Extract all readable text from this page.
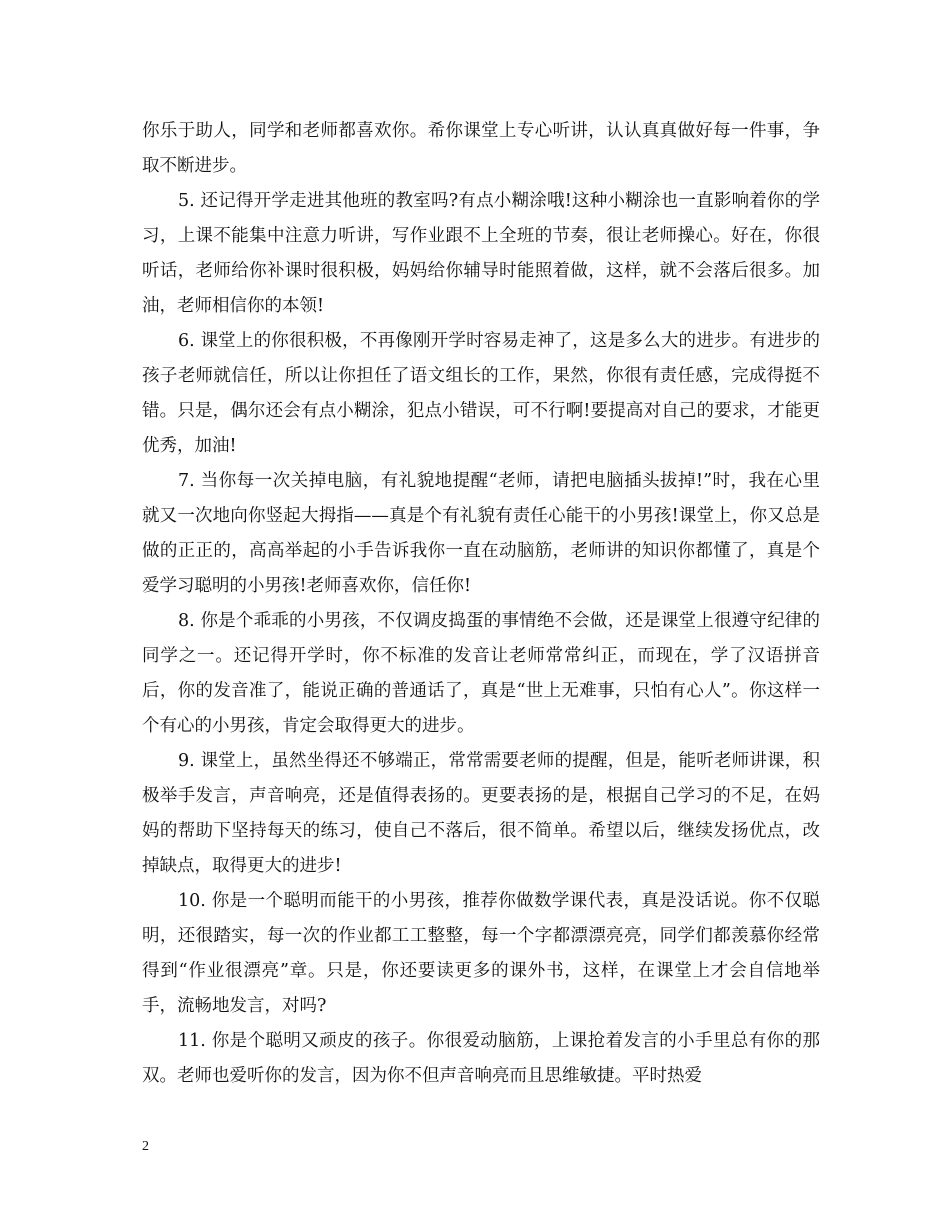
你乐于助人，同学和老师都喜欢你。希你课堂上专心听讲，认认真真做好每一件事，争取不断进步。

5. 还记得开学走进其他班的教室吗?有点小糊涂哦!这种小糊涂也一直影响着你的学习，上课不能集中注意力听讲，写作业跟不上全班的节奏，很让老师操心。好在，你很听话，老师给你补课时很积极，妈妈给你辅导时能照着做，这样，就不会落后很多。加油，老师相信你的本领!

6. 课堂上的你很积极，不再像刚开学时容易走神了，这是多么大的进步。有进步的孩子老师就信任，所以让你担任了语文组长的工作，果然，你很有责任感，完成得挺不错。只是，偶尔还会有点小糊涂，犯点小错误，可不行啊!要提高对自己的要求，才能更优秀，加油!

7. 当你每一次关掉电脑，有礼貌地提醒“老师，请把电脑插头拔掉!”时，我在心里就又一次地向你竖起大拇指——真是个有礼貌有责任心能干的小男孩!课堂上，你又总是做的正正的，高高举起的小手告诉我你一直在动脑筋，老师讲的知识你都懂了，真是个爱学习聪明的小男孩!老师喜欢你，信任你!

8. 你是个乖乖的小男孩，不仅调皮捣蛋的事情绝不会做，还是课堂上很遵守纪律的同学之一。还记得开学时，你不标准的发音让老师常常纠正，而现在，学了汉语拼音后，你的发音准了，能说正确的普通话了，真是“世上无难事，只怕有心人”。你这样一个有心的小男孩，肯定会取得更大的进步。

9. 课堂上，虽然坐得还不够端正，常常需要老师的提醒，但是，能听老师讲课，积极举手发言，声音响亮，还是值得表扬的。更要表扬的是，根据自己学习的不足，在妈妈的帮助下坚持每天的练习，使自己不落后，很不简单。希望以后，继续发扬优点，改掉缺点，取得更大的进步!

10. 你是一个聪明而能干的小男孩，推荐你做数学课代表，真是没话说。你不仅聪明，还很踏实，每一次的作业都工工整整，每一个字都漂漂亮亮，同学们都羡慕你经常得到“作业很漂亮”章。只是，你还要读更多的课外书，这样，在课堂上才会自信地举手，流畅地发言，对吗?

11. 你是个聪明又顽皮的孩子。你很爱动脑筋，上课抢着发言的小手里总有你的那双。老师也爱听你的发言，因为你不但声音响亮而且思维敏捷。平时热爱

2
